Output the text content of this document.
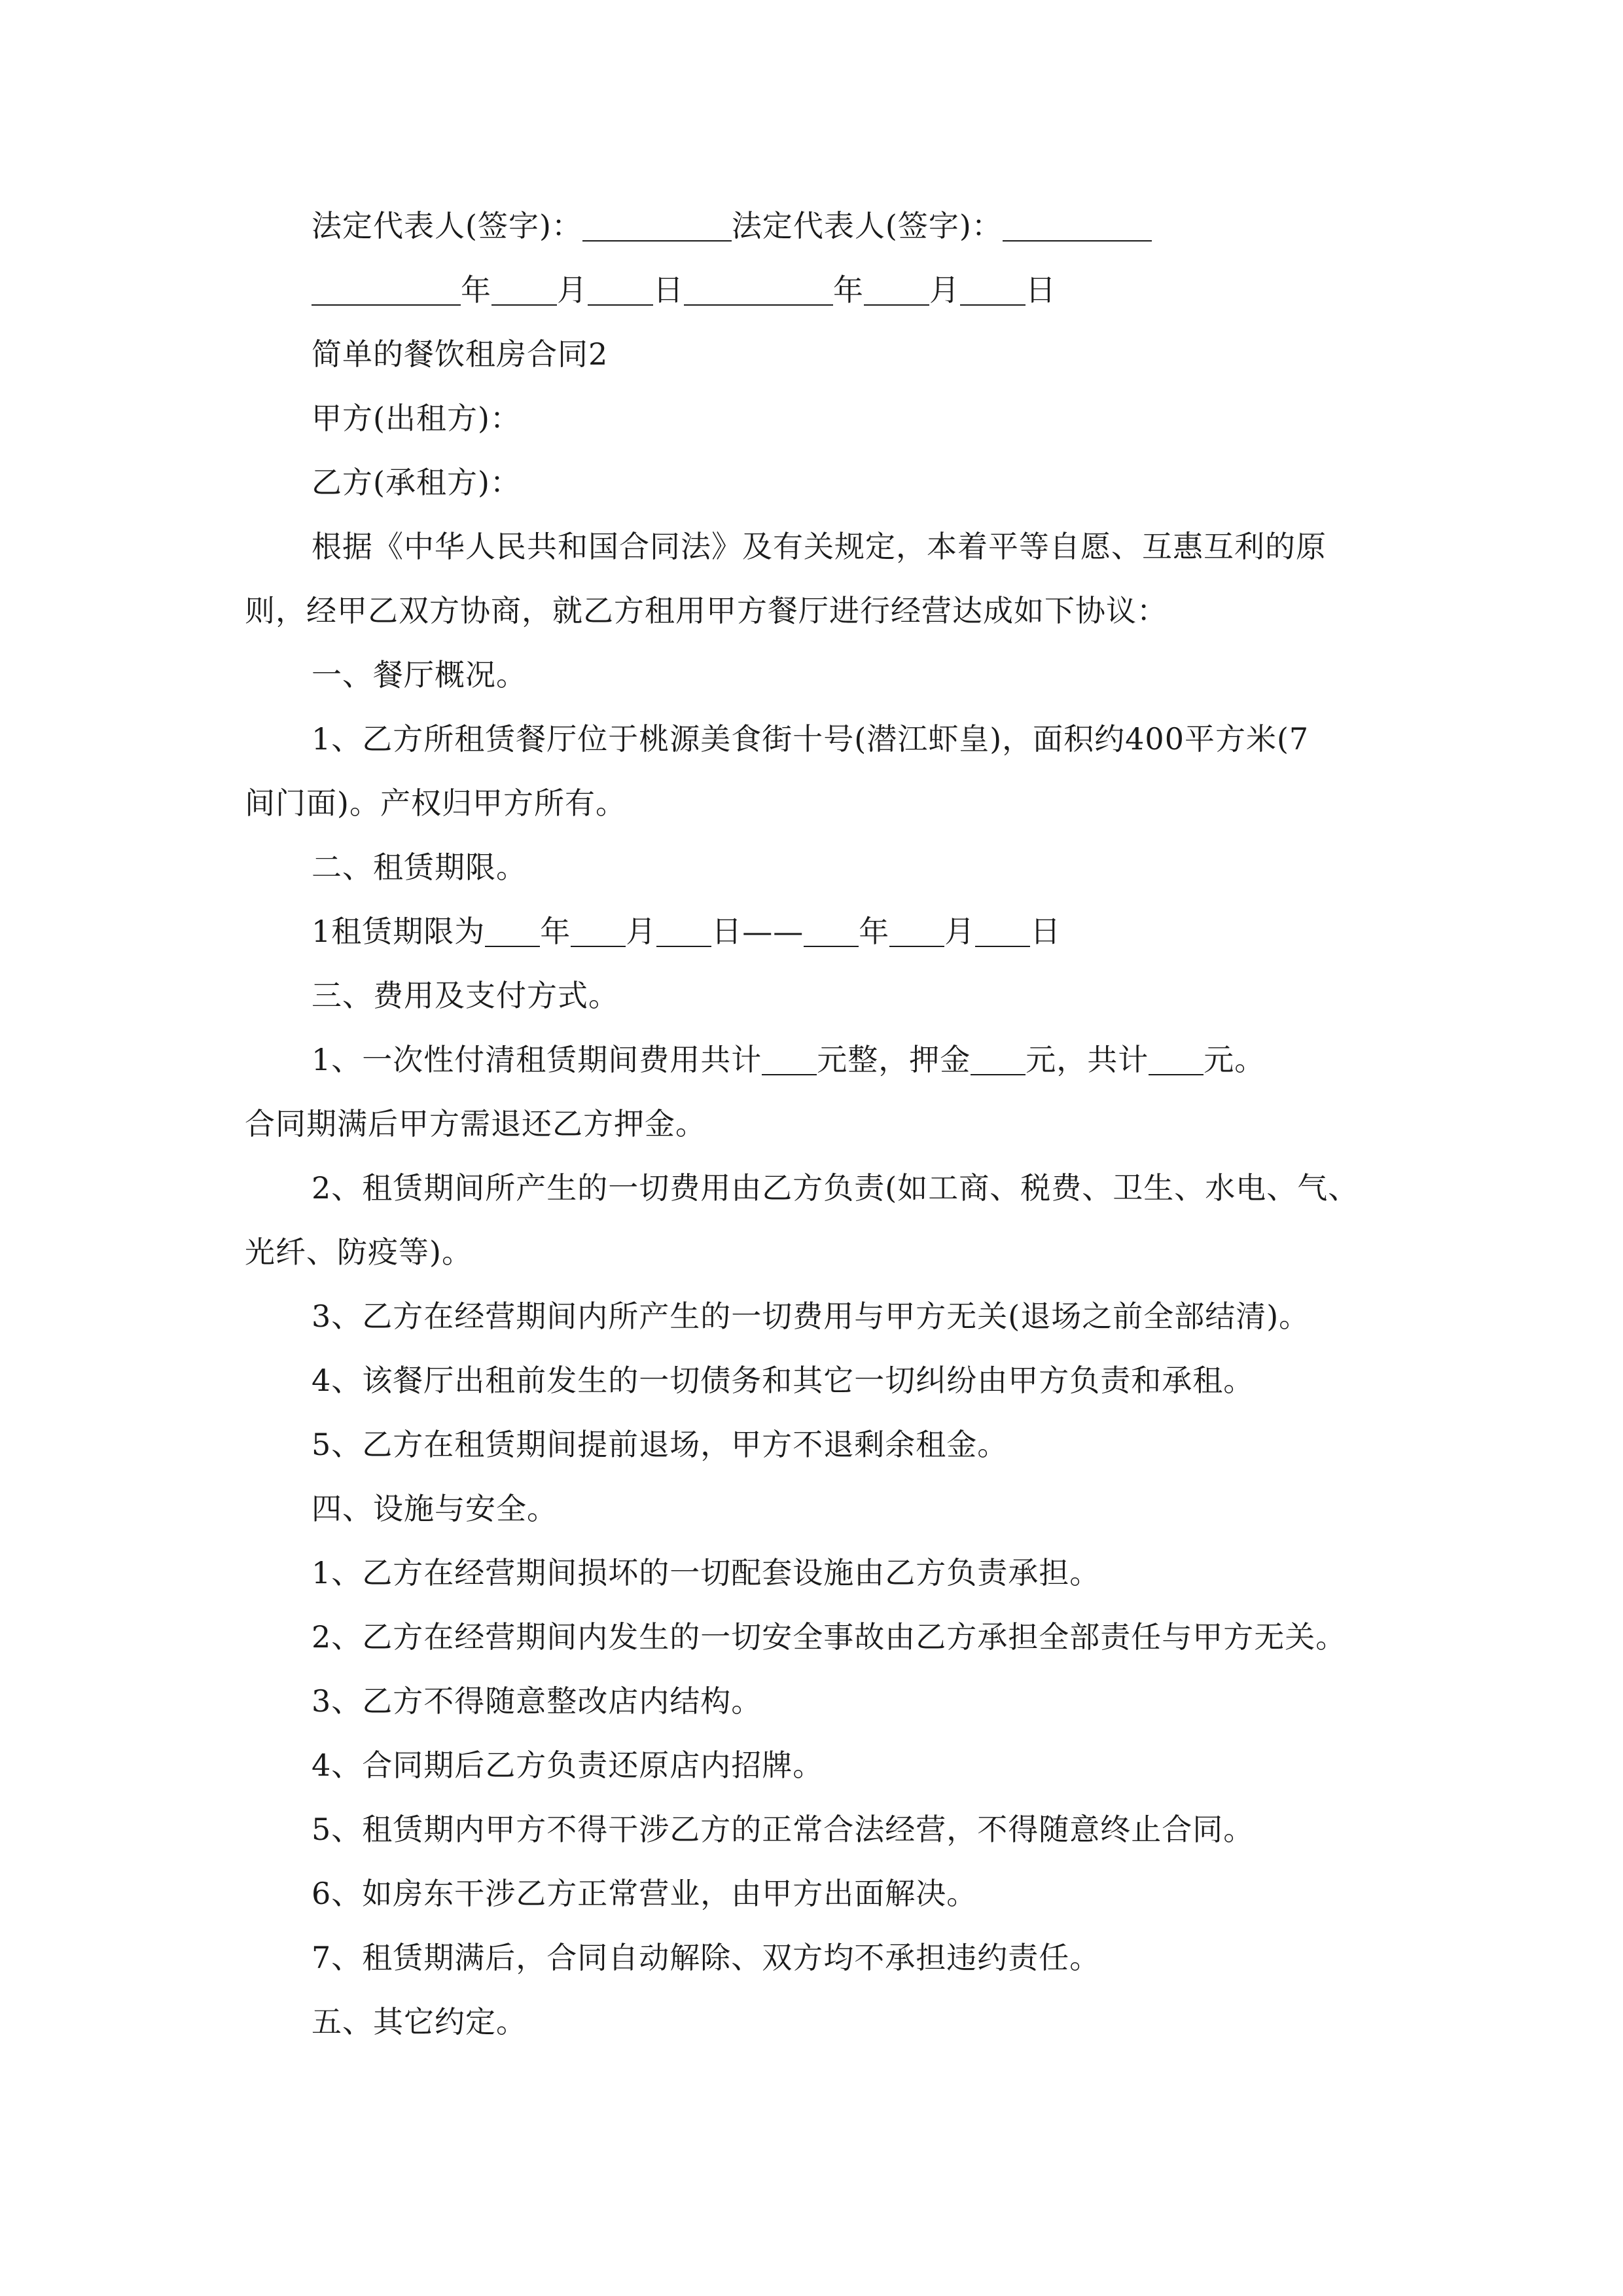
法定代表人(签字)：	法定代表人(签字)：
年 月 日	年 月 日
简单的餐饮租房合同2
甲方(出租方)：
乙方(承租方)：
根据《中华人民共和国合同法》及有关规定，本着平等自愿、互惠互利的原
则，经甲乙双方协商，就乙方租用甲方餐厅进行经营达成如下协议：
一、餐厅概况。
1、乙方所租赁餐厅位于桃源美食街十号(潜江虾皇)，面积约400平方米(7
间门面)。产权归甲方所有。
二、租赁期限。
1租赁期限为 年 月 日—— 年 月 日
三、费用及支付方式。
1、一次性付清租赁期间费用共计 元整，押金 元，共计 元。
合同期满后甲方需退还乙方押金。
2、租赁期间所产生的一切费用由乙方负责(如工商、税费、卫生、水电、气、
光纤、防疫等)。
3、乙方在经营期间内所产生的一切费用与甲方无关(退场之前全部结清)。
4、该餐厅出租前发生的一切债务和其它一切纠纷由甲方负责和承租。
5、乙方在租赁期间提前退场，甲方不退剩余租金。
四、设施与安全。
1、乙方在经营期间损坏的一切配套设施由乙方负责承担。
2、乙方在经营期间内发生的一切安全事故由乙方承担全部责任与甲方无关。
3、乙方不得随意整改店内结构。
4、合同期后乙方负责还原店内招牌。
5、租赁期内甲方不得干涉乙方的正常合法经营，不得随意终止合同。
6、如房东干涉乙方正常营业，由甲方出面解决。
7、租赁期满后，合同自动解除、双方均不承担违约责任。
五、其它约定。
